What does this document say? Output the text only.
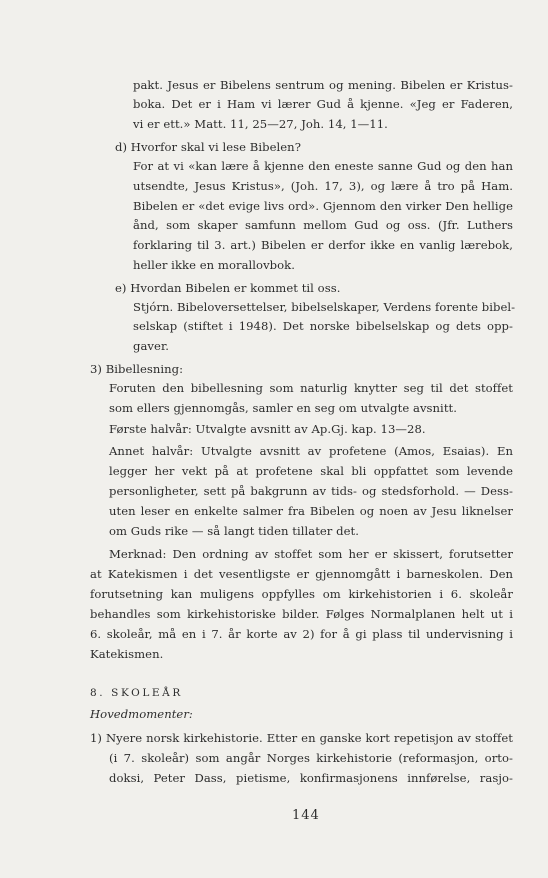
pakt. Jesus er Bibelens sentrum og mening. Bibelen er Kristus-
boka. Det er i Ham vi lærer Gud å kjenne. «Jeg er Faderen,
vi er ett.» Matt. 11, 25—27, Joh. 14, 1—11.
d) Hvorfor skal vi lese Bibelen?
For at vi «kan lære å kjenne den eneste sanne Gud og den han
utsendte, Jesus Kristus», (Joh. 17, 3), og lære å tro på Ham.
Bibelen er «det evige livs ord». Gjennom den virker Den hellige
ånd, som skaper samfunn mellom Gud og oss. (Jfr. Luthers
forklaring til 3. art.) Bibelen er derfor ikke en vanlig lærebok,
heller ikke en morallovbok.
e) Hvordan Bibelen er kommet til oss.
Stjórn. Bibeloversettelser, bibelselskaper, Verdens forente bibel-
selskap (stiftet i 1948). Det norske bibelselskap og dets opp-
gaver.
3) Bibellesning:
Foruten den bibellesning som naturlig knytter seg til det stoffet
som ellers gjennomgås, samler en seg om utvalgte avsnitt.
Første halvår: Utvalgte avsnitt av Ap.Gj. kap. 13—28.
Annet halvår: Utvalgte avsnitt av profetene (Amos, Esaias). En
legger her vekt på at profetene skal bli oppfattet som levende
personligheter, sett på bakgrunn av tids- og stedsforhold. — Dess-
uten leser en enkelte salmer fra Bibelen og noen av Jesu liknelser
om Guds rike — så langt tiden tillater det.
Merknad: Den ordning av stoffet som her er skissert, forutsetter
at Katekismen i det vesentligste er gjennomgått i barneskolen. Den
forutsetning kan muligens oppfylles om kirkehistorien i 6. skoleår
behandles som kirkehistoriske bilder. Følges Normalplanen helt ut i
6. skoleår, må en i 7. år korte av 2) for å gi plass til undervisning i
Katekismen.
8. SKOLEÅR
Hovedmomenter:
1) Nyere norsk kirkehistorie. Etter en ganske kort repetisjon av stoffet
(i 7. skoleår) som angår Norges kirkehistorie (reformasjon, orto-
doksi, Peter Dass, pietisme, konfirmasjonens innførelse, rasjo-
144
